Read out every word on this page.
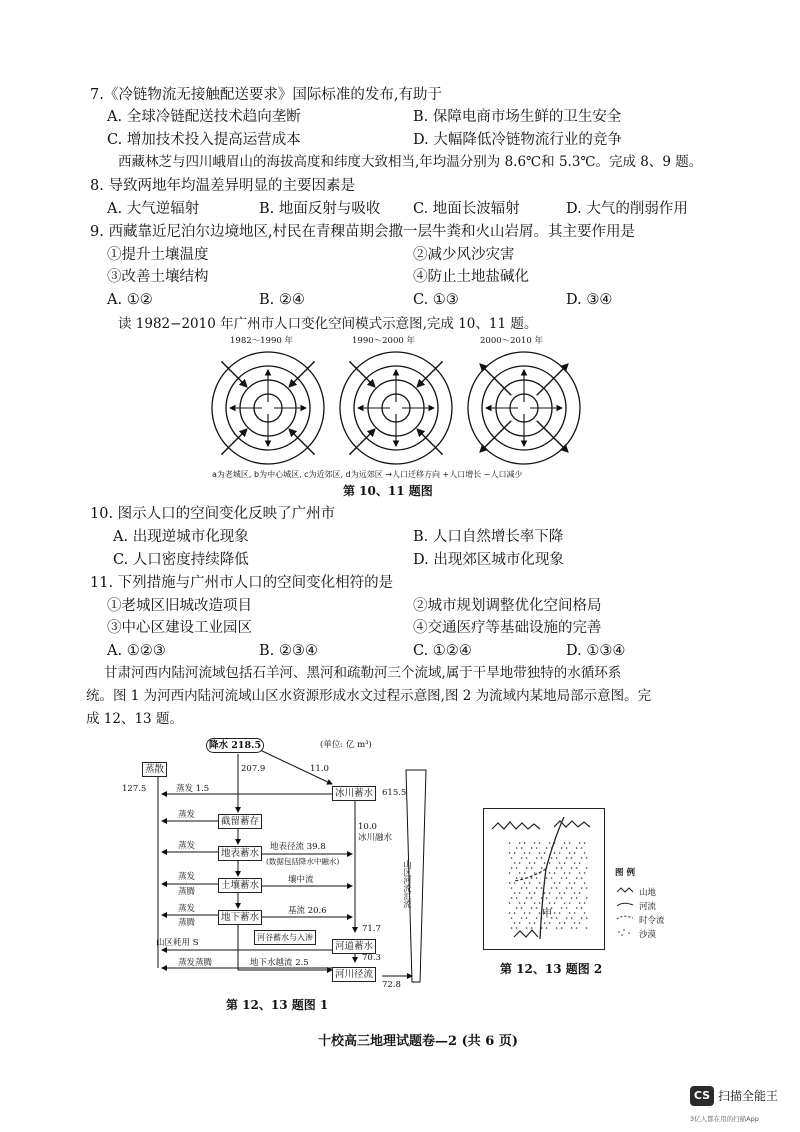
7.《冷链物流无接触配送要求》国际标准的发布,有助于
A. 全球冷链配送技术趋向垄断	B. 保障电商市场生鲜的卫生安全
C. 增加技术投入提高运营成本	D. 大幅降低冷链物流行业的竞争
西藏林芝与四川峨眉山的海拔高度和纬度大致相当,年均温分别为 8.6℃和 5.3℃。完成 8、9 题。
8. 导致两地年均温差异明显的主要因素是
A. 大气逆辐射	B. 地面反射与吸收 C. 地面长波辐射	D. 大气的削弱作用
9. 西藏靠近尼泊尔边境地区,村民在青稞苗期会撒一层牛粪和火山岩屑。其主要作用是
①提升土壤温度	②减少风沙灾害
③改善土壤结构	④防止土地盐碱化
A. ①②	B. ②④	C. ①③	D. ③④
读 1982−2010 年广州市人口变化空间模式示意图,完成 10、11 题。
1982～1990 年	1990～2000 年	2000～2010 年
a为老城区, b为中心城区, c为近郊区, d为远郊区 →人口迁移方向 +人口增长 −人口减少
第 10、11 题图
10. 图示人口的空间变化反映了广州市
A. 出现逆城市化现象	B. 人口自然增长率下降
C. 人口密度持续降低	D. 出现郊区城市化现象
11. 下列措施与广州市人口的空间变化相符的是
①老城区旧城改造项目	②城市规划调整优化空间格局
③中心区建设工业园区	④交通医疗等基础设施的完善
A. ①②③	B. ②③④	C. ①②④	D. ①③④
甘肃河西内陆河流域包括石羊河、黑河和疏勒河三个流域,属于干旱地带独特的水循环系
统。图 1 为河西内陆河流域山区水资源形成水文过程示意图,图 2 为流域内某地局部示意图。完
成 12、13 题。
降水 218.5	(单位: 亿 m³)
207.9	11.0
冰川蓄水	615.5
蒸散
127.5	蒸发 1.5
蒸发
截留蓄存	10.0
冰川融水
蒸发
地表蓄水
地表径流 39.8
(数据包括降水中融水)
蒸发
蒸腾
土壤蓄水	壤中流
蒸发
蒸腾	地下蓄水
基流 20.6
河谷蓄水与入渗
71.7
河道蓄水
山区耗用 S
70.3
蒸发蒸腾	地下水越流 2.5
河川径流
72.8
山区河流汇流
第 12、13 题图 1
甲
图 例
山地
河流
时令流
沙漠
第 12、13 题图 2
十校高三地理试题卷—2 (共 6 页)
CS 扫描全能王
3亿人都在用的扫描App
